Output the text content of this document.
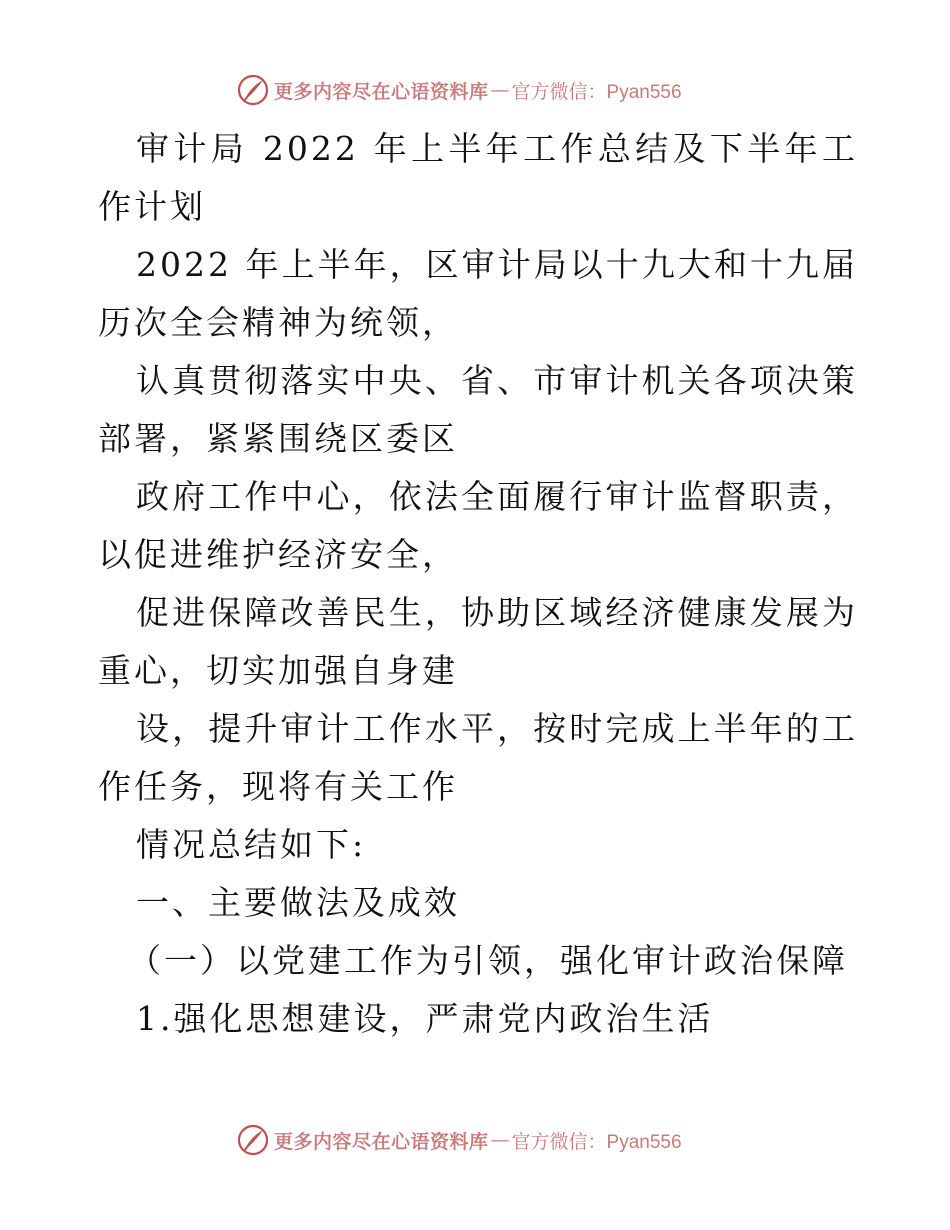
更多内容尽在心语资料库 — 官方微信：Pyan556

审计局 2022 年上半年工作总结及下半年工作计划

2022 年上半年，区审计局以十九大和十九届历次全会精神为统领，

认真贯彻落实中央、省、市审计机关各项决策部署，紧紧围绕区委区

政府工作中心，依法全面履行审计监督职责，以促进维护经济安全，

促进保障改善民生，协助区域经济健康发展为重心，切实加强自身建

设，提升审计工作水平，按时完成上半年的工作任务，现将有关工作

情况总结如下:

一、主要做法及成效

（一）以党建工作为引领，强化审计政治保障

1.强化思想建设，严肃党内政治生活

更多内容尽在心语资料库 — 官方微信：Pyan556
